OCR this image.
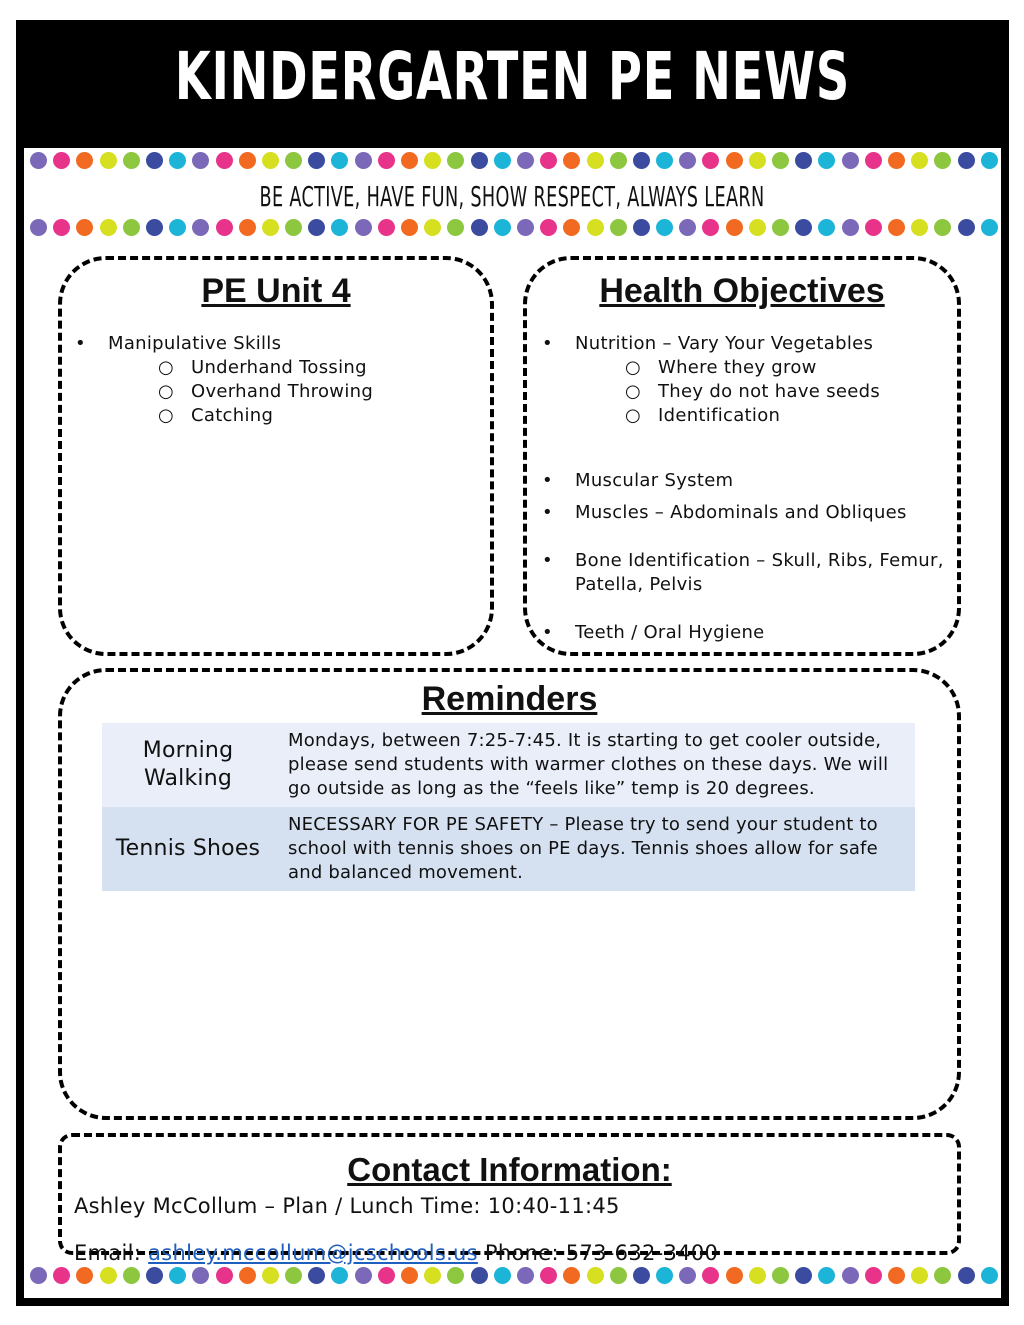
KINDERGARTEN PE NEWS
BE ACTIVE, HAVE FUN, SHOW RESPECT, ALWAYS LEARN
PE Unit 4
• Manipulative Skills
○ Underhand Tossing
○ Overhand Throwing
○ Catching
Health Objectives
• Nutrition – Vary Your Vegetables
○ Where they grow
○ They do not have seeds
○ Identification
• Muscular System
• Muscles – Abdominals and Obliques
• Bone Identification – Skull, Ribs, Femur, Patella, Pelvis
• Teeth / Oral Hygiene
Reminders
Morning Walking	Mondays, between 7:25-7:45. It is starting to get cooler outside, please send students with warmer clothes on these days. We will go outside as long as the “feels like” temp is 20 degrees.
Tennis Shoes	NECESSARY FOR PE SAFETY – Please try to send your student to school with tennis shoes on PE days. Tennis shoes allow for safe and balanced movement.
Contact Information:
Ashley McCollum – Plan / Lunch Time: 10:40-11:45
Email: ashley.mccollum@jcschools.us Phone: 573-632-3400
